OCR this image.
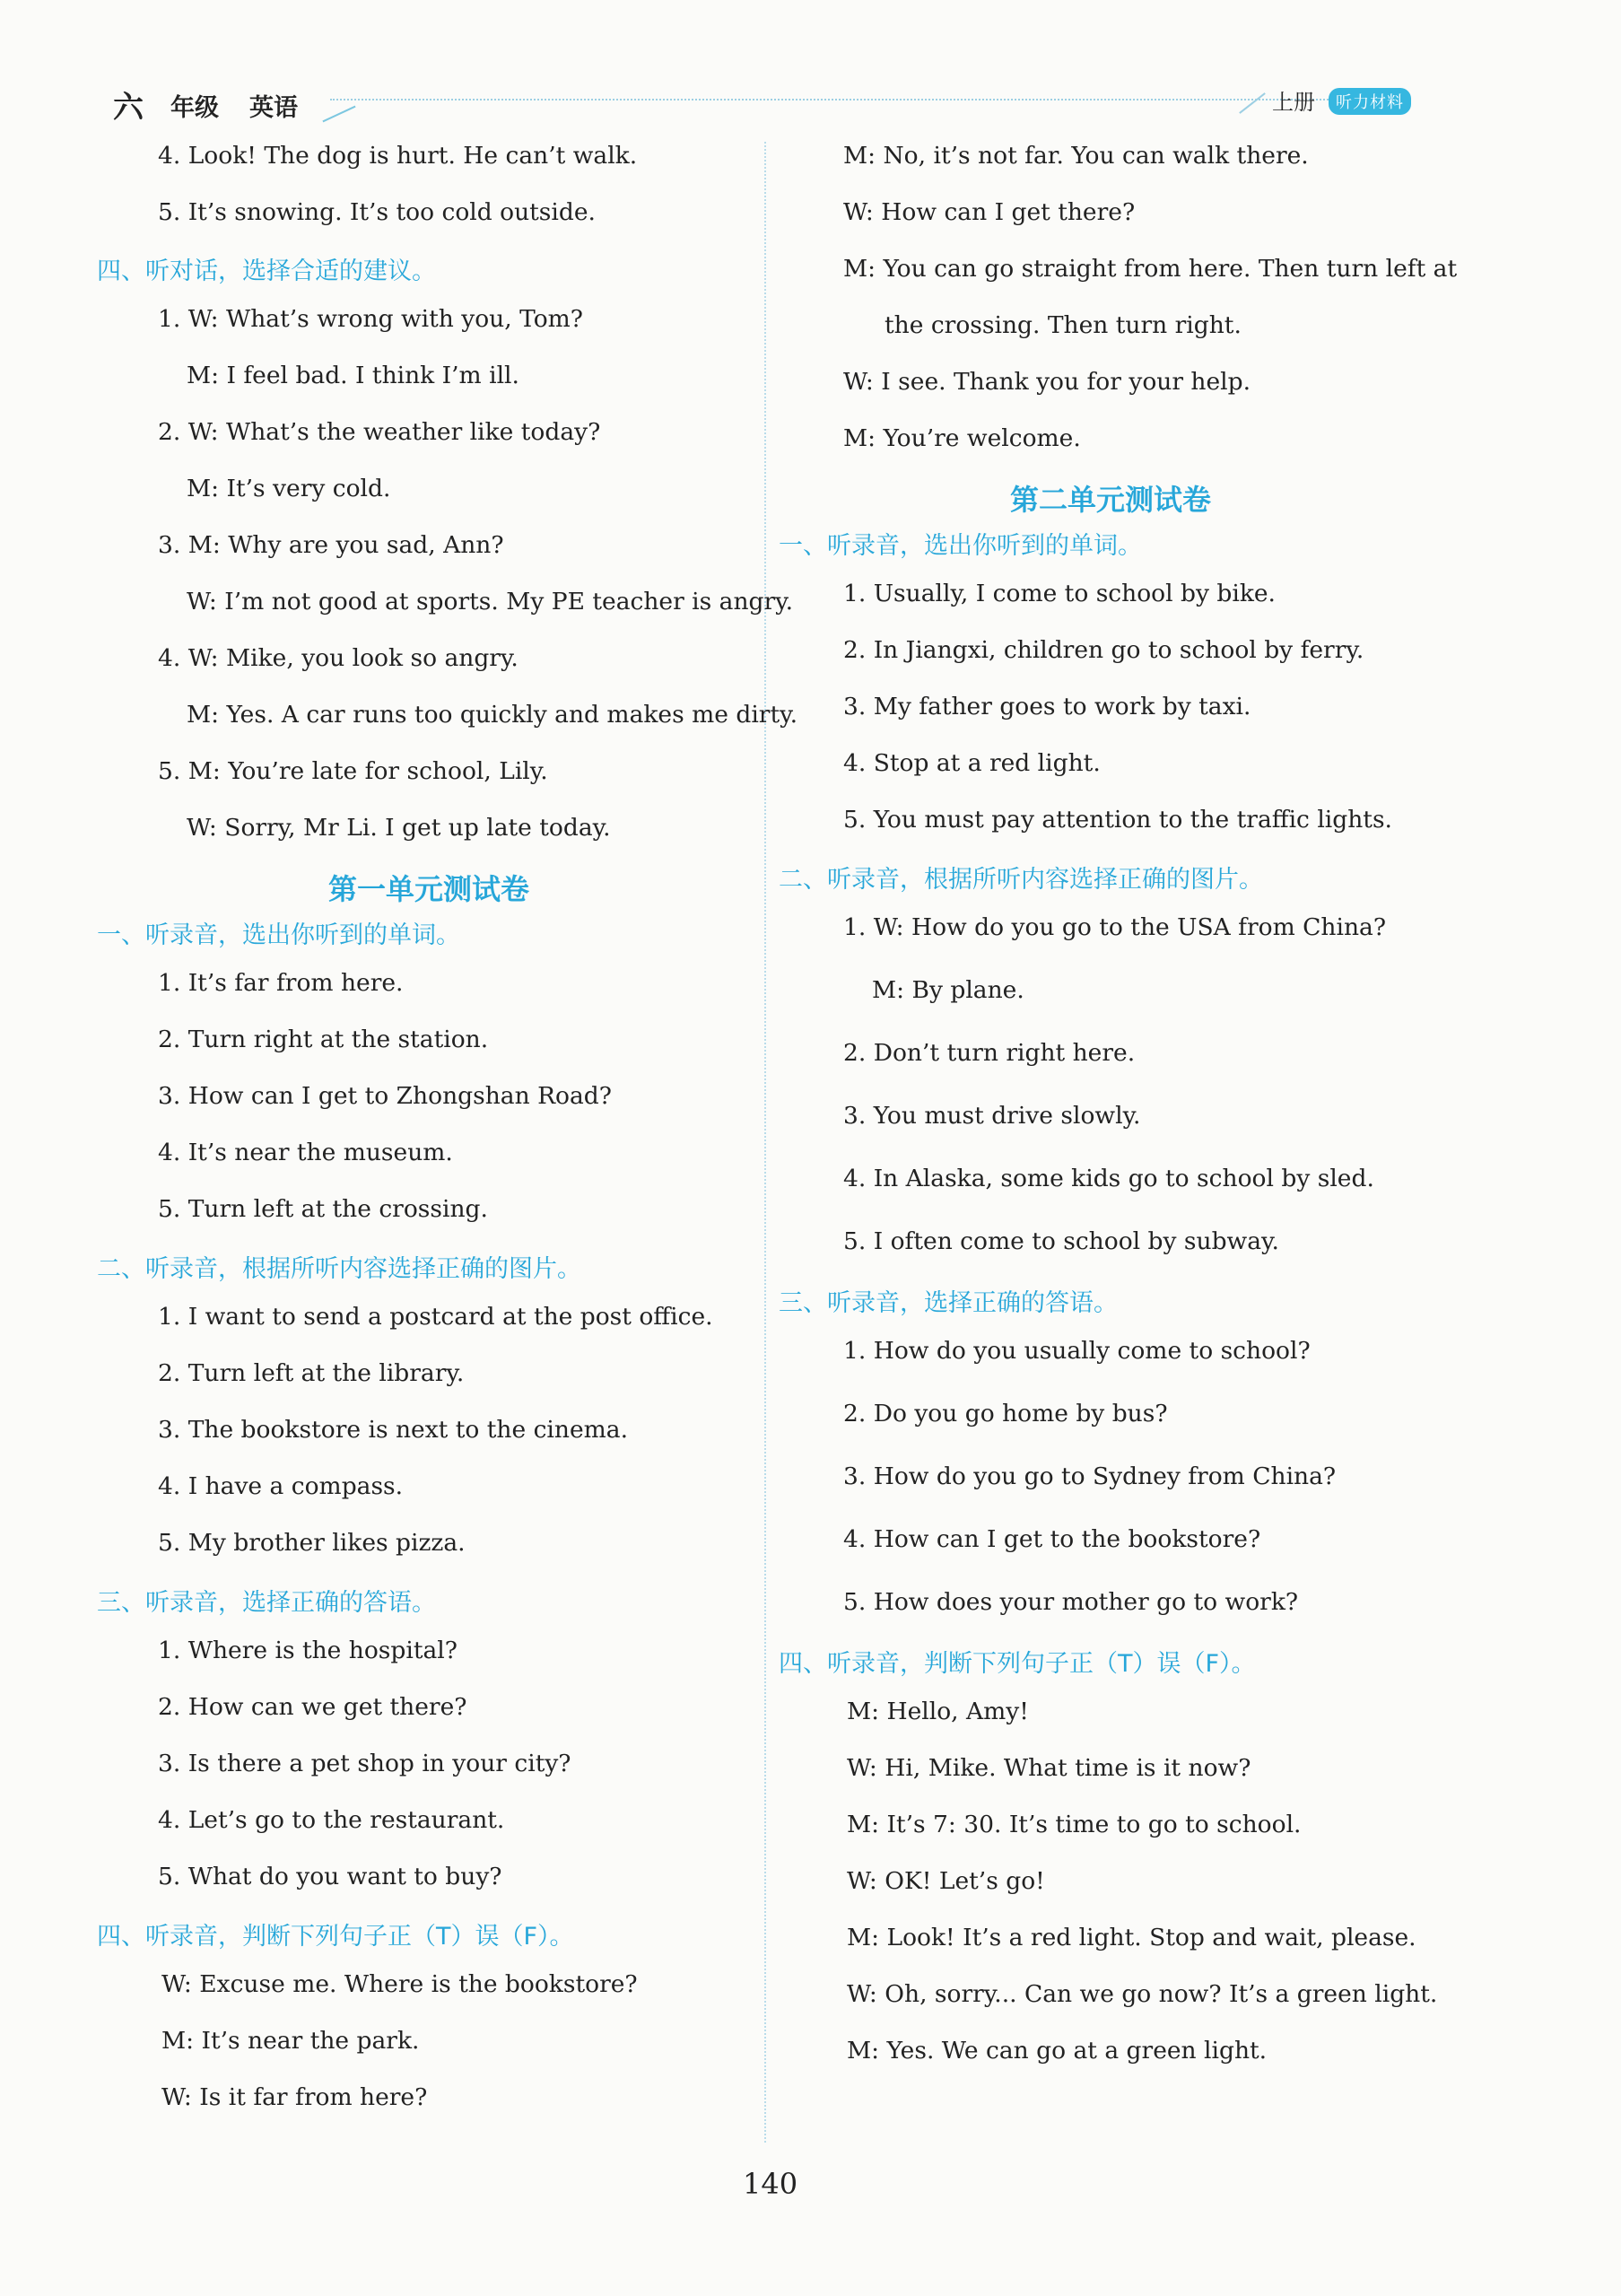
六 年级 英语	上册	听力材料
4. Look! The dog is hurt. He can’t walk.
5. It’s snowing. It’s too cold outside.
四、听对话，选择合适的建议。
1. W: What’s wrong with you, Tom?
M: I feel bad. I think I’m ill.
2. W: What’s the weather like today?
M: It’s very cold.
3. M: Why are you sad, Ann?
W: I’m not good at sports. My PE teacher is angry.
4. W: Mike, you look so angry.
M: Yes. A car runs too quickly and makes me dirty.
5. M: You’re late for school, Lily.
W: Sorry, Mr Li. I get up late today.
第一单元测试卷
一、听录音，选出你听到的单词。
1. It’s far from here.
2. Turn right at the station.
3. How can I get to Zhongshan Road?
4. It’s near the museum.
5. Turn left at the crossing.
二、听录音，根据所听内容选择正确的图片。
1. I want to send a postcard at the post office.
2. Turn left at the library.
3. The bookstore is next to the cinema.
4. I have a compass.
5. My brother likes pizza.
三、听录音，选择正确的答语。
1. Where is the hospital?
2. How can we get there?
3. Is there a pet shop in your city?
4. Let’s go to the restaurant.
5. What do you want to buy?
四、听录音，判断下列句子正（T）误（F）。
W: Excuse me. Where is the bookstore?
M: It’s near the park.
W: Is it far from here?
M: No, it’s not far. You can walk there.
W: How can I get there?
M: You can go straight from here. Then turn left at
the crossing. Then turn right.
W: I see. Thank you for your help.
M: You’re welcome.
第二单元测试卷
一、听录音，选出你听到的单词。
1. Usually, I come to school by bike.
2. In Jiangxi, children go to school by ferry.
3. My father goes to work by taxi.
4. Stop at a red light.
5. You must pay attention to the traffic lights.
二、听录音，根据所听内容选择正确的图片。
1. W: How do you go to the USA from China?
M: By plane.
2. Don’t turn right here.
3. You must drive slowly.
4. In Alaska, some kids go to school by sled.
5. I often come to school by subway.
三、听录音，选择正确的答语。
1. How do you usually come to school?
2. Do you go home by bus?
3. How do you go to Sydney from China?
4. How can I get to the bookstore?
5. How does your mother go to work?
四、听录音，判断下列句子正（T）误（F）。
M: Hello, Amy!
W: Hi, Mike. What time is it now?
M: It’s 7: 30. It’s time to go to school.
W: OK! Let’s go!
M: Look! It’s a red light. Stop and wait, please.
W: Oh, sorry... Can we go now? It’s a green light.
M: Yes. We can go at a green light.
140
